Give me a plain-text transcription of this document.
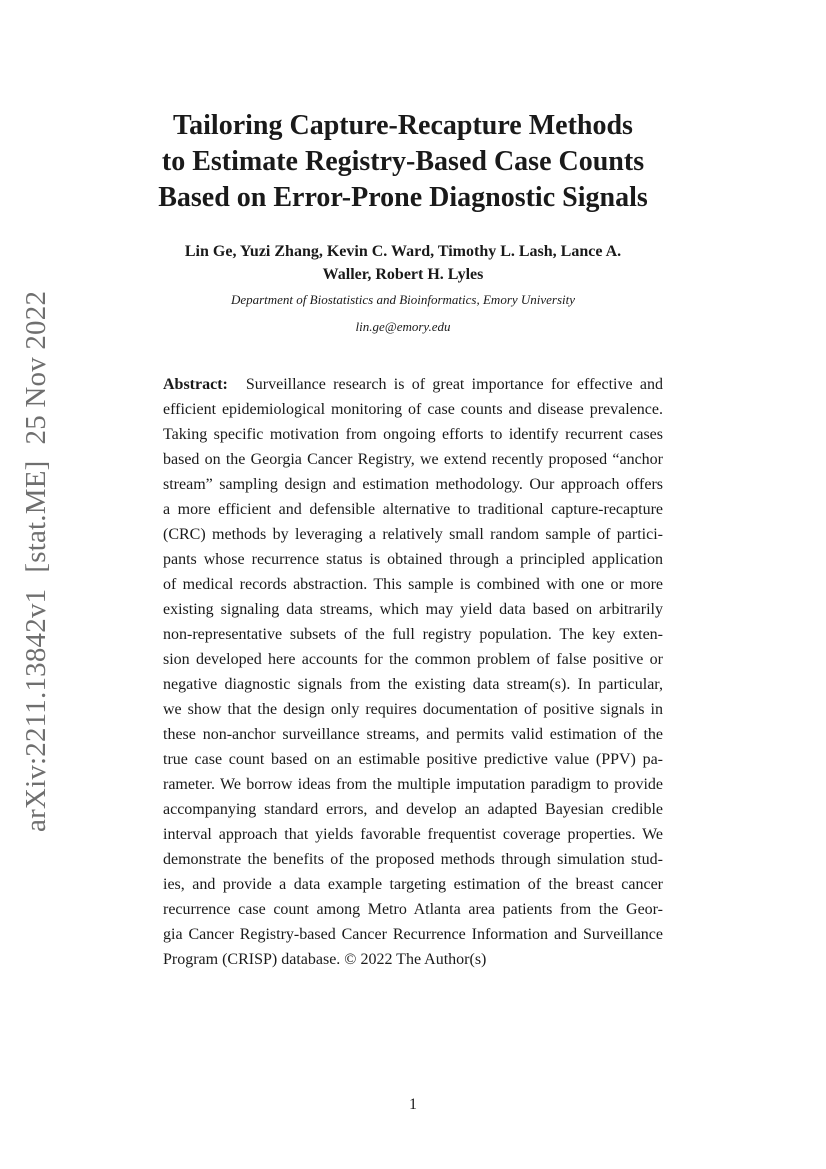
arXiv:2211.13842v1[stat.ME]25 Nov 2022
Tailoring Capture-Recapture Methods
to Estimate Registry-Based Case Counts
Based on Error-Prone Diagnostic Signals
Lin Ge, Yuzi Zhang, Kevin C. Ward, Timothy L. Lash, Lance A.
Waller, Robert H. Lyles
Department of Biostatistics and Bioinformatics, Emory University
lin.ge@emory.edu
Abstract: Surveillance research is of great importance for effective and
efficient epidemiological monitoring of case counts and disease prevalence.
Taking specific motivation from ongoing efforts to identify recurrent cases
based on the Georgia Cancer Registry, we extend recently proposed “anchor
stream” sampling design and estimation methodology. Our approach offers
a more efficient and defensible alternative to traditional capture-recapture
(CRC) methods by leveraging a relatively small random sample of partici-
pants whose recurrence status is obtained through a principled application
of medical records abstraction. This sample is combined with one or more
existing signaling data streams, which may yield data based on arbitrarily
non-representative subsets of the full registry population. The key exten-
sion developed here accounts for the common problem of false positive or
negative diagnostic signals from the existing data stream(s). In particular,
we show that the design only requires documentation of positive signals in
these non-anchor surveillance streams, and permits valid estimation of the
true case count based on an estimable positive predictive value (PPV) pa-
rameter. We borrow ideas from the multiple imputation paradigm to provide
accompanying standard errors, and develop an adapted Bayesian credible
interval approach that yields favorable frequentist coverage properties. We
demonstrate the benefits of the proposed methods through simulation stud-
ies, and provide a data example targeting estimation of the breast cancer
recurrence case count among Metro Atlanta area patients from the Geor-
gia Cancer Registry-based Cancer Recurrence Information and Surveillance
Program (CRISP) database. © 2022 The Author(s)
1
